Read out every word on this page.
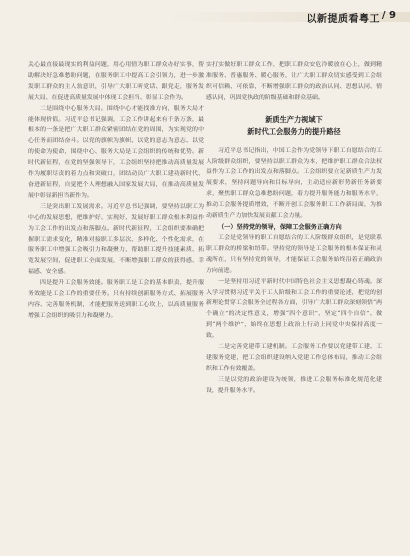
以新提质看粤工 / 9

关心最直接最现实的利益问题，用心用情为职工群众办好实事，帮助解决好急难愁盼问题，在服务职工中提高工会引领力，进一步激发职工群众的主人翁意识，引导广大职工听党话、跟党走，服务发展大局、在促进高质量发展中体现工会担当、彰显工会作为。

二是围绕中心服务大局。围绕中心才能找准方向，服务大局才能体现价值。习近平总书记强调，工会工作讲起来有千条万条，最根本的一条是把广大职工群众紧密团结在党的周围，为实现党的中心任务而团结奋斗。以党的旗帜为旗帜、以党的意志为意志、以党的使命为使命，围绕中心、服务大局是工会组织的传统和优势。新时代新征程，在党的坚强领导下，工会组织坚持把推动高质量发展作为履职尽责的着力点和突破口，团结动员广大职工建功新时代、奋进新征程，自觉把个人理想融入国家发展大局，在推动高质量发展中彰显新担当新作为。

三是突出职工发展需求。习近平总书记强调，要坚持以职工为中心的发展思想，把维护好、实现好、发展好职工群众根本利益作为工会工作的出发点和落脚点。新时代新征程，工会组织要准确把握职工需求变化，精准对接职工多层次、多样化、个性化需求，在服务职工中增强工会吸引力和凝聚力，帮助职工提升技能素质、拓宽发展空间，促进职工全面发展，不断增强职工群众的获得感、幸福感、安全感。

四是提升工会服务效能。服务职工是工会的基本职责，提升服务效能是工会工作的重要任务。只有持续创新服务方式、拓展服务内容、完善服务机制，才能把服务送到职工心坎上，以高质量服务增强工会组织的吸引力和凝聚力。

实打实做好职工群众工作，把职工群众安危冷暖放在心上，做到精准服务、普惠服务、暖心服务，让广大职工群众切实感受到工会组织可信赖、可依靠，不断增强职工群众的政治认同、思想认同、情感认同，巩固党执政的阶级基础和群众基础。

新质生产力视域下
新时代工会服务力的提升路径

习近平总书记指出，中国工会作为党领导下职工自愿结合的工人阶级群众组织，要坚持以职工群众为本，把维护职工群众合法权益作为工会工作的出发点和落脚点。工会组织要立足新质生产力发展要求，坚持问题导向和目标导向，主动适应新形势新任务新要求，聚焦职工群众急难愁盼问题，着力提升服务能力和服务水平，推动工会服务提质增效，不断开创工会服务职工工作新局面，为推动新质生产力加快发展贡献工会力量。

（一）坚持党的领导，保障工会服务正确方向

工会是党领导的职工自愿结合的工人阶级群众组织，是党联系职工群众的桥梁和纽带。坚持党的领导是工会服务的根本保证和灵魂所在，只有坚持党的领导，才能保证工会服务始终沿着正确政治方向前进。

一是坚持用习近平新时代中国特色社会主义思想凝心铸魂。深入学习贯彻习近平关于工人阶级和工会工作的重要论述，把党的创新理论贯穿工会服务全过程各方面，引导广大职工群众深刻领悟“两个确立”的决定性意义，增强“四个意识”、坚定“四个自信”、做到“两个维护”，始终在思想上政治上行动上同党中央保持高度一致。

二是完善党建带工建机制。工会服务工作要以党建带工建、工建服务党建，把工会组织建设纳入党建工作总体布局，推动工会组织和工作有效覆盖。

三是以党的政治建设为统领，推进工会服务标准化规范化建设，提升服务水平。
